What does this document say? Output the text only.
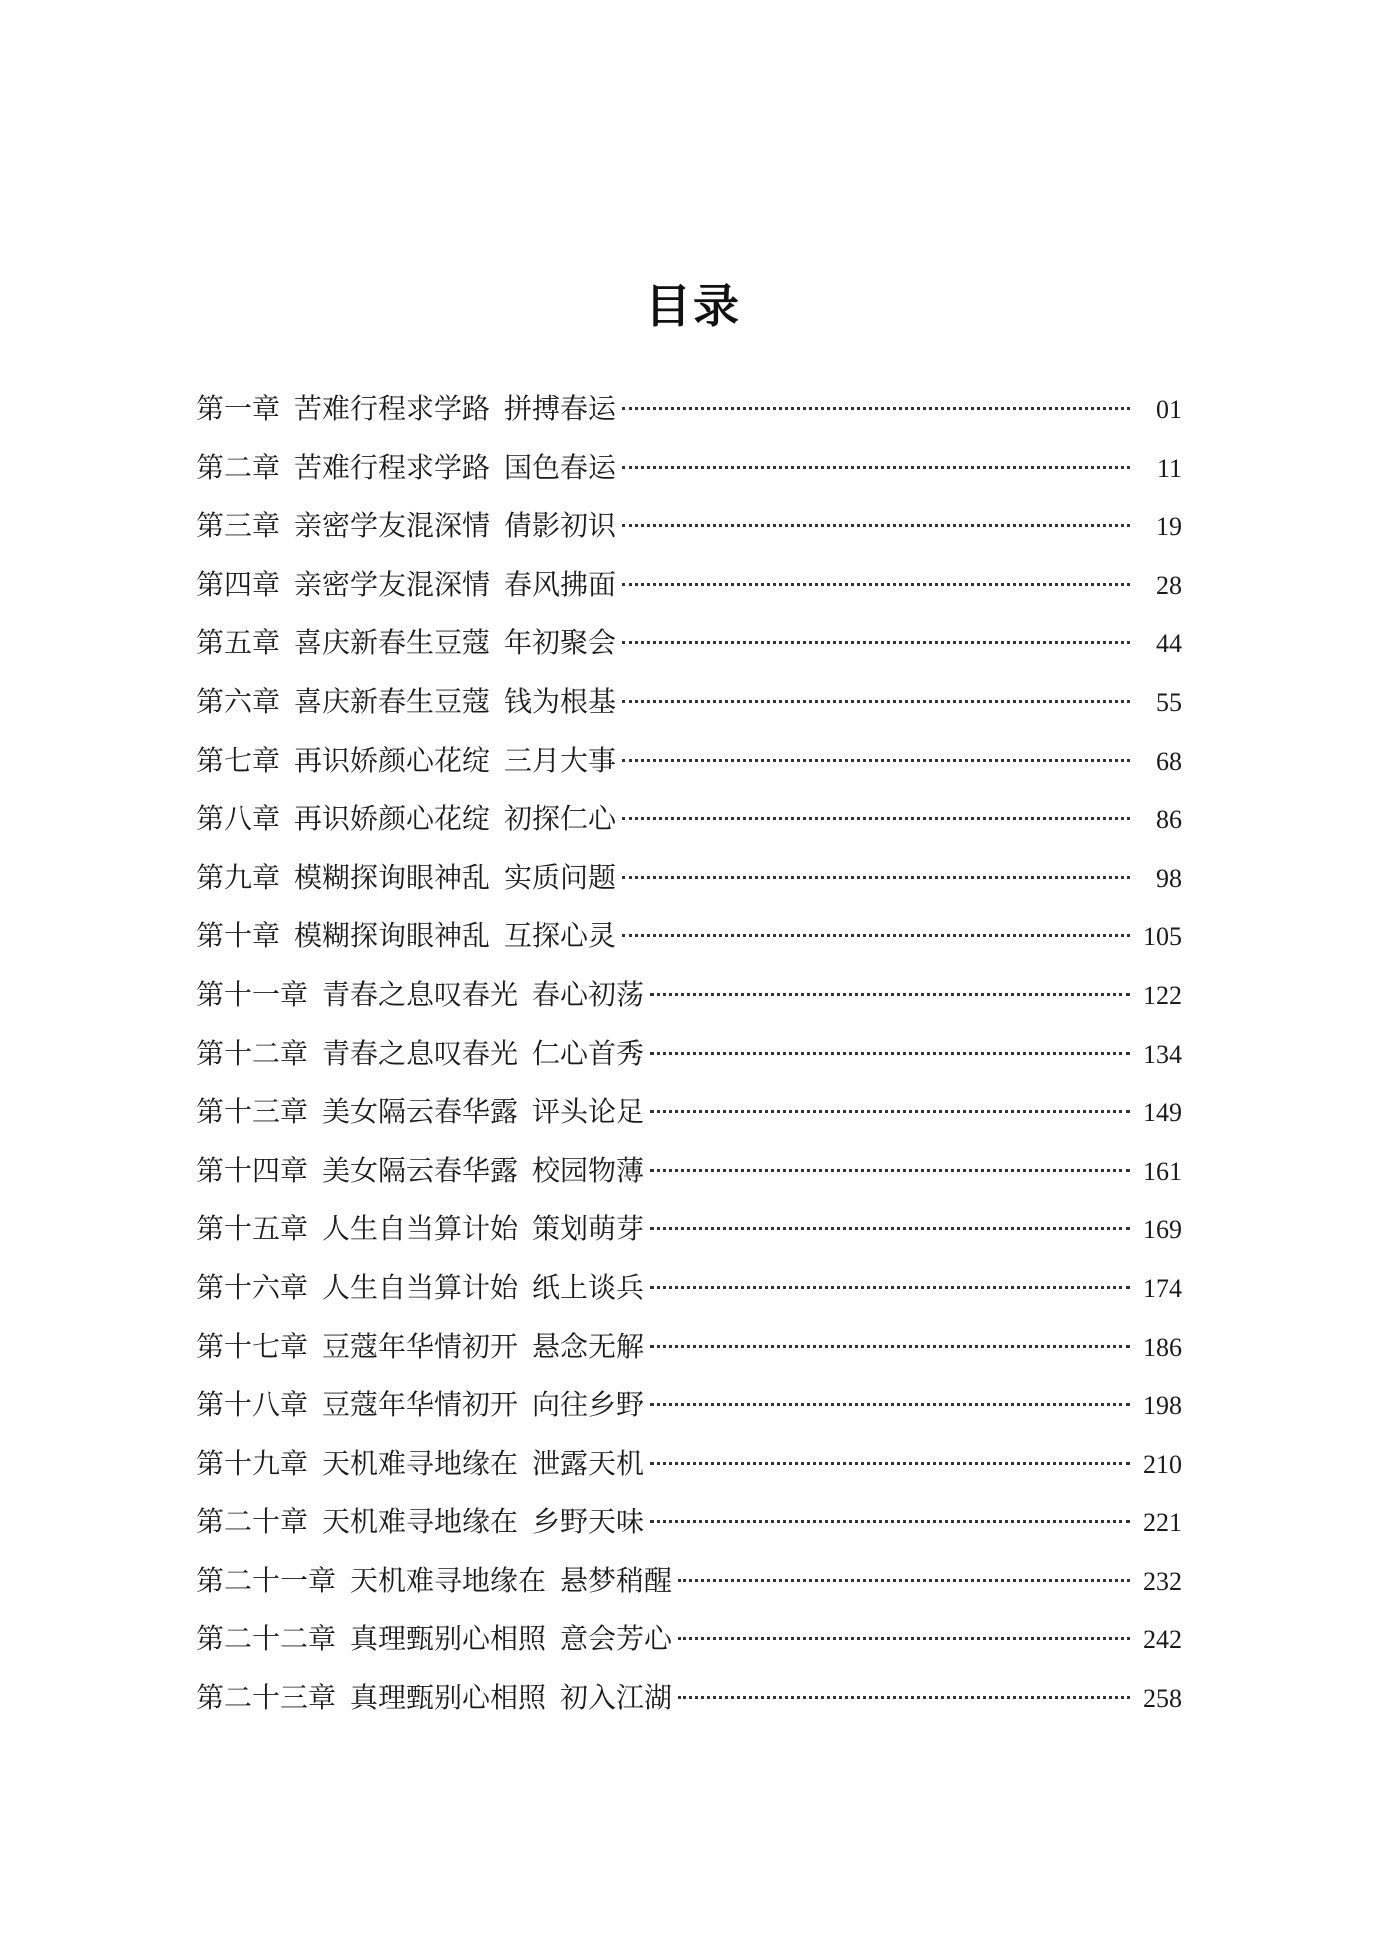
目录
第一章 苦难行程求学路 拼搏春运	01
第二章 苦难行程求学路 国色春运	11
第三章 亲密学友混深情 倩影初识	19
第四章 亲密学友混深情 春风拂面	28
第五章 喜庆新春生豆蔻 年初聚会	44
第六章 喜庆新春生豆蔻 钱为根基	55
第七章 再识娇颜心花绽 三月大事	68
第八章 再识娇颜心花绽 初探仁心	86
第九章 模糊探询眼神乱 实质问题	98
第十章 模糊探询眼神乱 互探心灵	105
第十一章 青春之息叹春光 春心初荡	122
第十二章 青春之息叹春光 仁心首秀	134
第十三章 美女隔云春华露 评头论足	149
第十四章 美女隔云春华露 校园物薄	161
第十五章 人生自当算计始 策划萌芽	169
第十六章 人生自当算计始 纸上谈兵	174
第十七章 豆蔻年华情初开 悬念无解	186
第十八章 豆蔻年华情初开 向往乡野	198
第十九章 天机难寻地缘在 泄露天机	210
第二十章 天机难寻地缘在 乡野天味	221
第二十一章 天机难寻地缘在 悬梦稍醒	232
第二十二章 真理甄别心相照 意会芳心	242
第二十三章 真理甄别心相照 初入江湖	258
